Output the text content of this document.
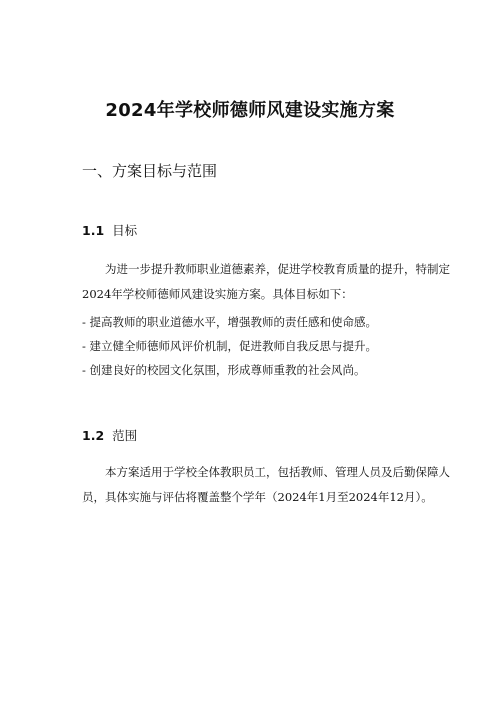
2024年学校师德师风建设实施方案
一、方案目标与范围
1.1 目标
为进一步提升教师职业道德素养，促进学校教育质量的提升，特制定
2024年学校师德师风建设实施方案。具体目标如下：
- 提高教师的职业道德水平，增强教师的责任感和使命感。
- 建立健全师德师风评价机制，促进教师自我反思与提升。
- 创建良好的校园文化氛围，形成尊师重教的社会风尚。
1.2 范围
本方案适用于学校全体教职员工，包括教师、管理人员及后勤保障人
员，具体实施与评估将覆盖整个学年（2024年1月至2024年12月）。
